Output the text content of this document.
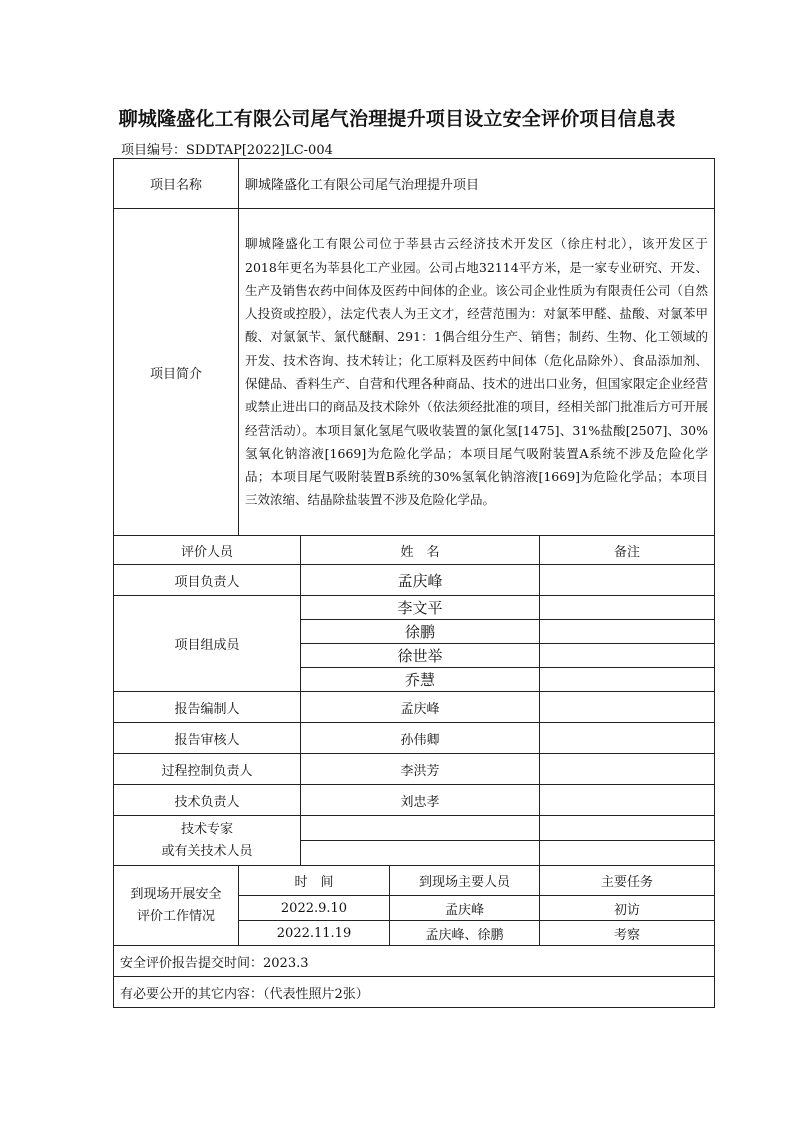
聊城隆盛化工有限公司尾气治理提升项目设立安全评价项目信息表
项目编号：SDDTAP[2022]LC-004
项目名称	聊城隆盛化工有限公司尾气治理提升项目			
项目简介	聊城隆盛化工有限公司位于莘县古云经济技术开发区（徐庄村北），该开发区于2018年更名为莘县化工产业园。公司占地32114平方米，是一家专业研究、开发、生产及销售农药中间体及医药中间体的企业。该公司企业性质为有限责任公司（自然人投资或控股），法定代表人为王文才，经营范围为：对氯苯甲醛、盐酸、对氯苯甲酸、对氯氯苄、氯代醚酮、291：1偶合组分生产、销售；制药、生物、化工领域的开发、技术咨询、技术转让；化工原料及医药中间体（危化品除外）、食品添加剂、保健品、香料生产、自营和代理各种商品、技术的进出口业务，但国家限定企业经营或禁止进出口的商品及技术除外（依法须经批准的项目，经相关部门批准后方可开展经营活动）。本项目氯化氢尾气吸收装置的氯化氢[1475]、31%盐酸[2507]、30%氢氧化钠溶液[1669]为危险化学品；本项目尾气吸附装置A系统不涉及危险化学品；本项目尾气吸附装置B系统的30%氢氧化钠溶液[1669]为危险化学品；本项目三效浓缩、结晶除盐装置不涉及危险化学品。			
评价人员		姓　名		备注
项目负责人		孟庆峰		
项目组成员		李文平		
		徐鹏		
		徐世举		
		乔慧		
报告编制人		孟庆峰		
报告审核人		孙伟卿		
过程控制负责人		李洪芳		
技术负责人		刘忠孝		

技术专家
或有关技术人员				

到现场开展安全
评价工作情况	时　间		到现场主要人员	主要任务
	2022.9.10		孟庆峰	初访
	2022.11.19		孟庆峰、徐鹏	考察
安全评价报告提交时间：2023.3				
有必要公开的其它内容：（代表性照片2张）				
